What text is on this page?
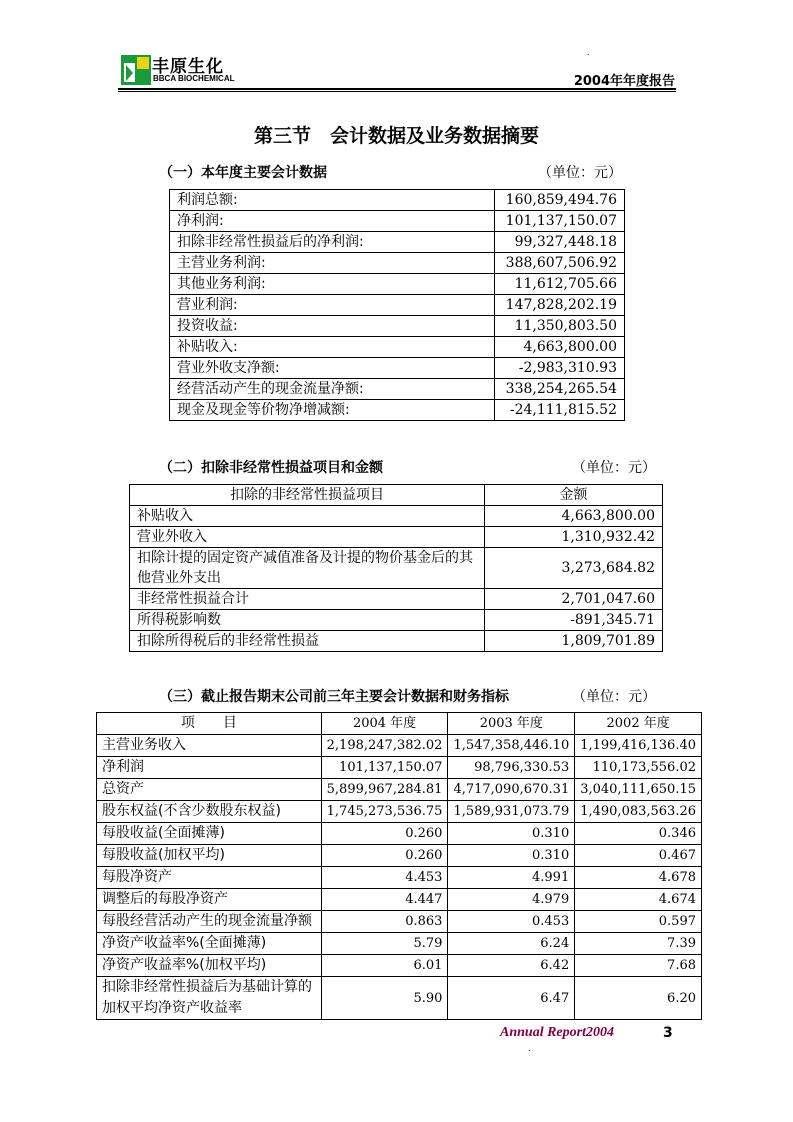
.
丰原生化
BBCA BIOCHEMICAL	2004年年度报告
第三节　会计数据及业务数据摘要
（一）本年度主要会计数据	（单位：元）
利润总额:	160,859,494.76
净利润:	101,137,150.07
扣除非经常性损益后的净利润:	99,327,448.18
主营业务利润:	388,607,506.92
其他业务利润:	11,612,705.66
营业利润:	147,828,202.19
投资收益:	11,350,803.50
补贴收入:	4,663,800.00
营业外收支净额:	-2,983,310.93
经营活动产生的现金流量净额:	338,254,265.54
现金及现金等价物净增减额:	-24,111,815.52
（二）扣除非经常性损益项目和金额	（单位：元）
扣除的非经常性损益项目	金额
补贴收入	4,663,800.00
营业外收入	1,310,932.42
扣除计提的固定资产减值准备及计提的物价基金后的其他营业外支出	3,273,684.82
非经常性损益合计	2,701,047.60
所得税影响数	-891,345.71
扣除所得税后的非经常性损益	1,809,701.89
（三）截止报告期末公司前三年主要会计数据和财务指标	（单位：元）
项　　目	2004 年度	2003 年度	2002 年度
主营业务收入	2,198,247,382.02	1,547,358,446.10	1,199,416,136.40
净利润	101,137,150.07	98,796,330.53	110,173,556.02
总资产	5,899,967,284.81	4,717,090,670.31	3,040,111,650.15
股东权益(不含少数股东权益)	1,745,273,536.75	1,589,931,073.79	1,490,083,563.26
每股收益(全面摊薄)	0.260	0.310	0.346
每股收益(加权平均)	0.260	0.310	0.467
每股净资产	4.453	4.991	4.678
调整后的每股净资产	4.447	4.979	4.674
每股经营活动产生的现金流量净额	0.863	0.453	0.597
净资产收益率%(全面摊薄)	5.79	6.24	7.39
净资产收益率%(加权平均)	6.01	6.42	7.68
扣除非经常性损益后为基础计算的加权平均净资产收益率	5.90	6.47	6.20
Annual Report2004	3
.
